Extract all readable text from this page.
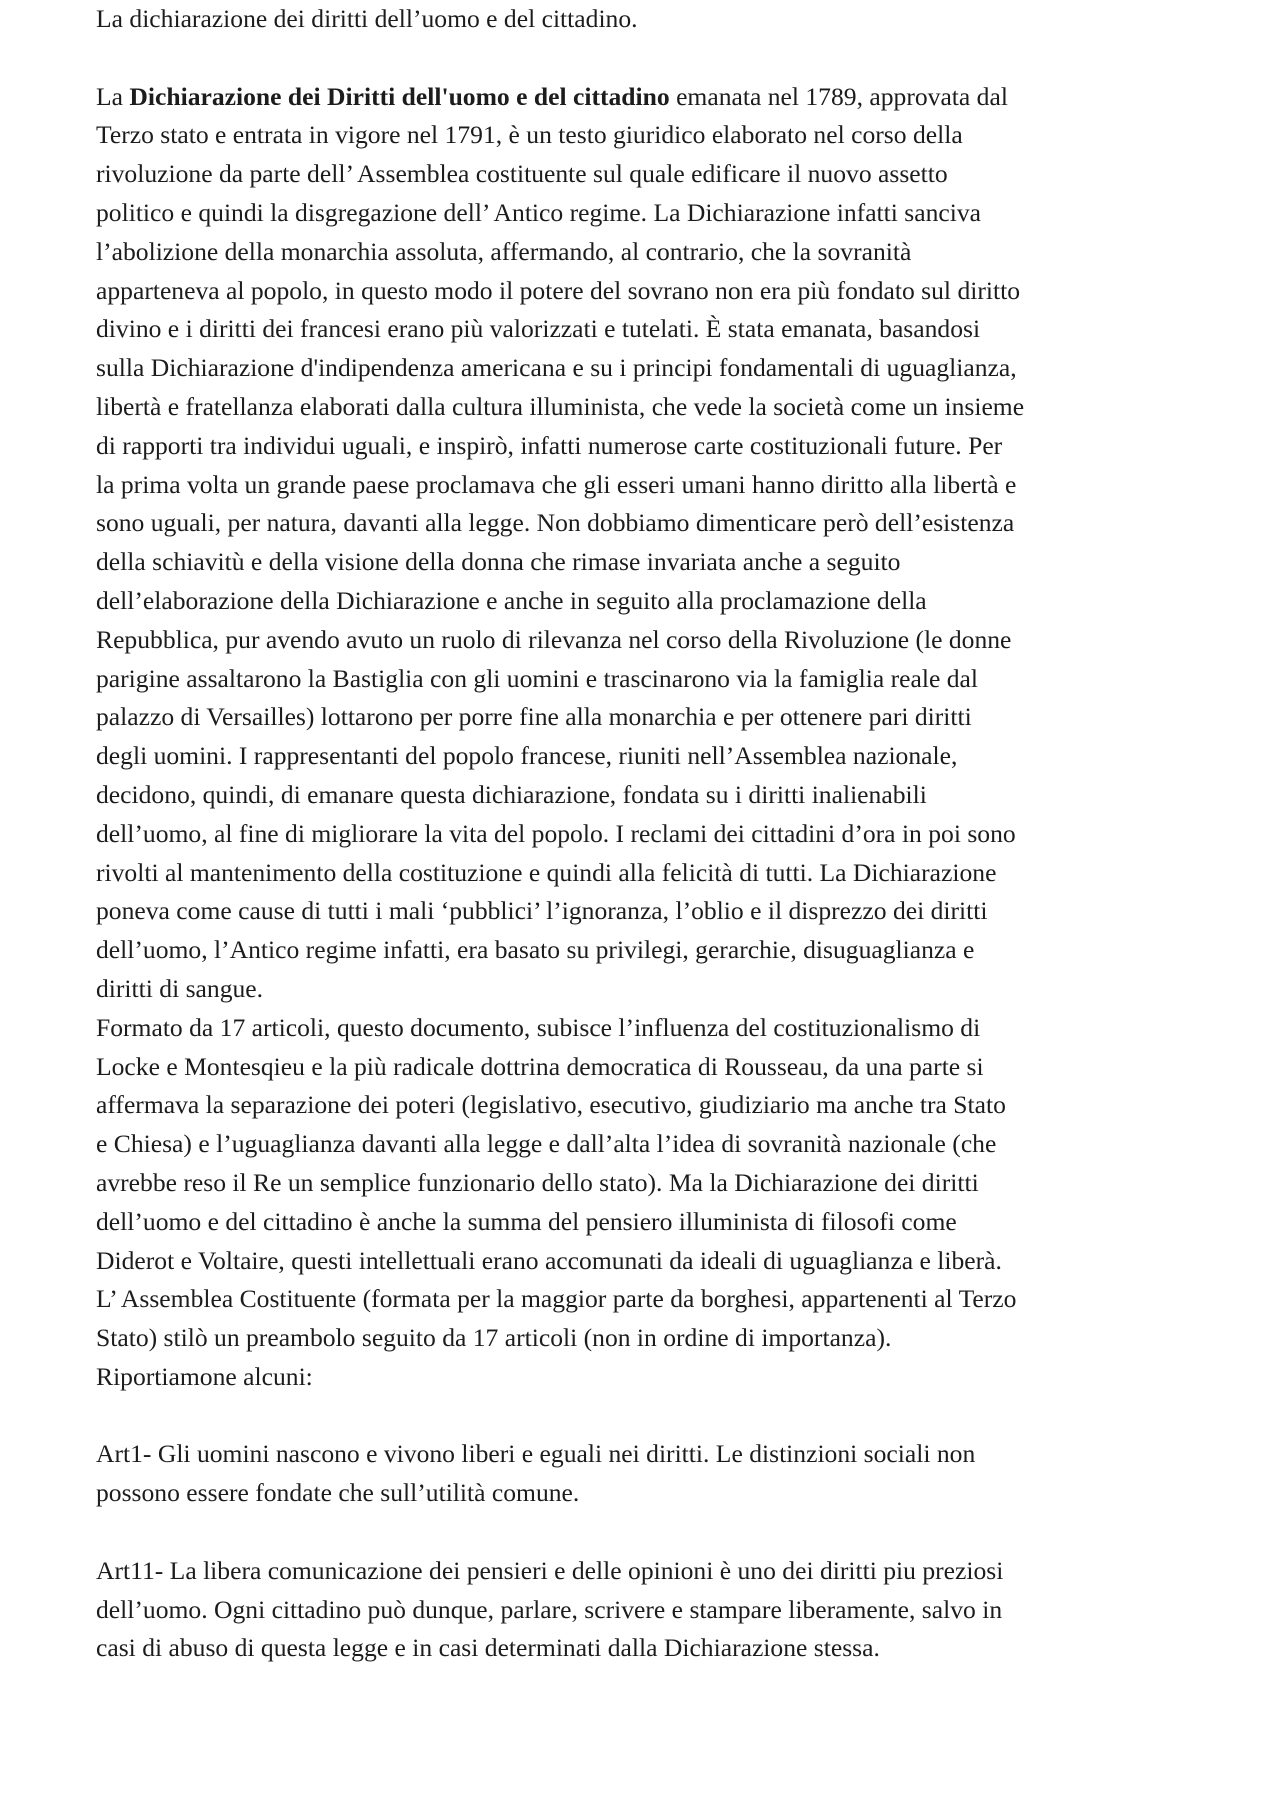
La dichiarazione dei diritti dell’uomo e del cittadino.

La Dichiarazione dei Diritti dell'uomo e del cittadino emanata nel 1789, approvata dal

Terzo stato e entrata in vigore nel 1791, è un testo giuridico elaborato nel corso della

rivoluzione da parte dell’ Assemblea costituente sul quale edificare il nuovo assetto

politico e quindi la disgregazione dell’ Antico regime. La Dichiarazione infatti sanciva

l’abolizione della monarchia assoluta, affermando, al contrario, che la sovranità

apparteneva al popolo, in questo modo il potere del sovrano non era più fondato sul diritto

divino e i diritti dei francesi erano più valorizzati e tutelati. È stata emanata, basandosi

sulla Dichiarazione d'indipendenza americana e su i principi fondamentali di uguaglianza,

libertà e fratellanza elaborati dalla cultura illuminista, che vede la società come un insieme

di rapporti tra individui uguali, e inspirò, infatti numerose carte costituzionali future. Per

la prima volta un grande paese proclamava che gli esseri umani hanno diritto alla libertà e

sono uguali, per natura, davanti alla legge. Non dobbiamo dimenticare però dell’esistenza

della schiavitù e della visione della donna che rimase invariata anche a seguito

dell’elaborazione della Dichiarazione e anche in seguito alla proclamazione della

Repubblica, pur avendo avuto un ruolo di rilevanza nel corso della Rivoluzione (le donne

parigine assaltarono la Bastiglia con gli uomini e trascinarono via la famiglia reale dal

palazzo di Versailles) lottarono per porre fine alla monarchia e per ottenere pari diritti

degli uomini. I rappresentanti del popolo francese, riuniti nell’Assemblea nazionale,

decidono, quindi, di emanare questa dichiarazione, fondata su i diritti inalienabili

dell’uomo, al fine di migliorare la vita del popolo. I reclami dei cittadini d’ora in poi sono

rivolti al mantenimento della costituzione e quindi alla felicità di tutti. La Dichiarazione

poneva come cause di tutti i mali ‘pubblici’ l’ignoranza, l’oblio e il disprezzo dei diritti

dell’uomo, l’Antico regime infatti, era basato su privilegi, gerarchie, disuguaglianza e

diritti di sangue.

Formato da 17 articoli, questo documento, subisce l’influenza del costituzionalismo di

Locke e Montesqieu e la più radicale dottrina democratica di Rousseau, da una parte si

affermava la separazione dei poteri (legislativo, esecutivo, giudiziario ma anche tra Stato

e Chiesa) e l’uguaglianza davanti alla legge e dall’alta l’idea di sovranità nazionale (che

avrebbe reso il Re un semplice funzionario dello stato). Ma la Dichiarazione dei diritti

dell’uomo e del cittadino è anche la summa del pensiero illuminista di filosofi come

Diderot e Voltaire, questi intellettuali erano accomunati da ideali di uguaglianza e liberà.

L’ Assemblea Costituente (formata per la maggior parte da borghesi, appartenenti al Terzo

Stato) stilò un preambolo seguito da 17 articoli (non in ordine di importanza).

Riportiamone alcuni:

Art1- Gli uomini nascono e vivono liberi e eguali nei diritti. Le distinzioni sociali non

possono essere fondate che sull’utilità comune.

Art11- La libera comunicazione dei pensieri e delle opinioni è uno dei diritti piu preziosi

dell’uomo. Ogni cittadino può dunque, parlare, scrivere e stampare liberamente, salvo in

casi di abuso di questa legge e in casi determinati dalla Dichiarazione stessa.
